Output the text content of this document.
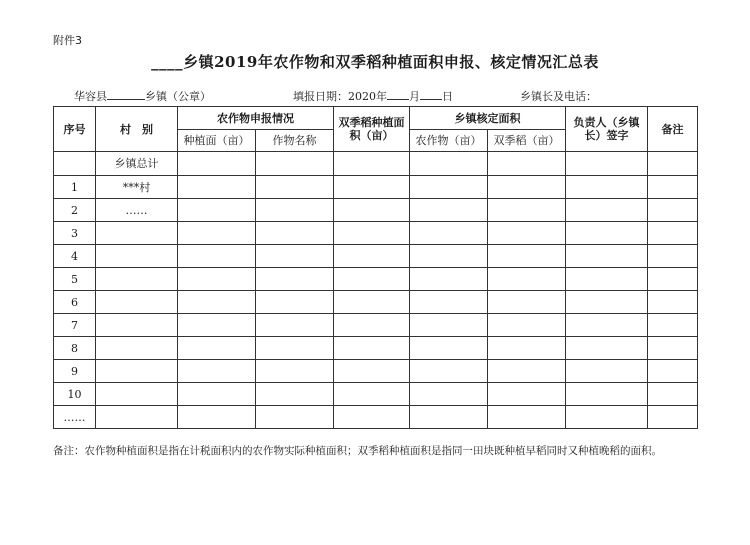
附件3
____乡镇2019年农作物和双季稻种植面积申报、核定情况汇总表
华容县	乡镇（公章）	填报日期：2020年 月 日	乡镇长及电话：
序号	村　别	农作物申报情况		双季稻种植面积（亩）	乡镇核定面积		负责人（乡镇长）签字	备注
		种植面（亩）	作物名称		农作物（亩）	双季稻（亩）		
	乡镇总计							
1	***村							
2	……							
3								
4								
5								
6								
7								
8								
9								
10								
……								
备注：农作物种植面积是指在计税面积内的农作物实际种植面积；双季稻种植面积是指同一田块既种植早稻同时又种植晚稻的面积。
